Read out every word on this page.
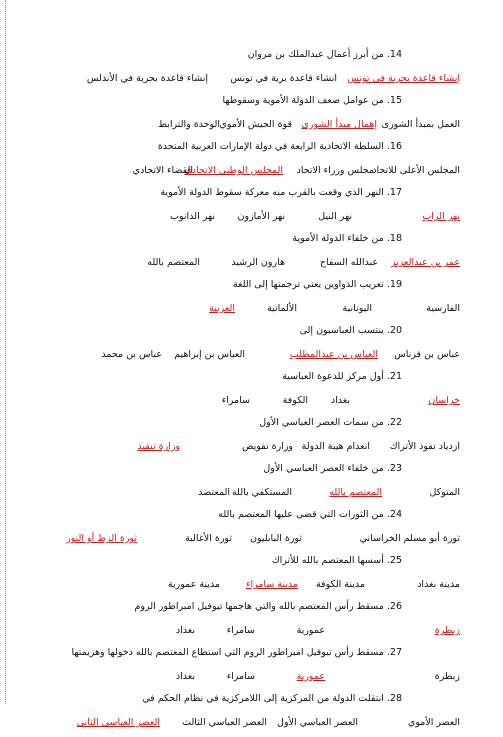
14.من أبرز أعمال عبدالملك بن مروان
إنشاء قاعدة بحرية في تونس
انشاء قاعدة برية في تونس
إنشاء قاعدة بحرية في الأندلس
15.من عوامل ضعف الدولة الأموية وسقوطها
العمل بمبدأ الشورى
إهمال مبدأ الشورى
قوة الجيش الأموي
الوحدة والترابط
16.السلطة الاتحادية الرابعة في دولة الإمارات العربية المتحدة
المجلس الأعلى للاتحاد
مجلس وزراء الاتحاد
المجلس الوطني الاتحادي
القضاء الاتحادي
17.النهر الذي وقعت بالقرب منه معركة سقوط الدولة الأموية
نهر الزاب
نهر النيل
نهر الأمازون
نهر الدانوب
18.من خلفاء الدولة الأموية
عمر بن عبدالعزيز
عبدالله السفاح
هارون الرشيد
المعتصم بالله
19.تعريب الدواوين يعني ترجمتها إلى اللغة
الفارسية
اليونانية
الألمانية
العربية
20.ينتسب العباسيون إلى
عباس بن فرناس
العباس بن عبدالمطلب
العباس بن إبراهيم
عباس بن محمد
21.أول مركز للدعوة العباسية
خراسان
بغداد
الكوفة
سامراء
22.من سمات العصر العباسي الأول
ازدياد نفوذ الأتراك
انعدام هيبة الدولة
وزارة تفويض
وزارة تنفيذ
23.من خلفاء العصر العباسي الأول
المتوكل
المعتصم بالله
المستكفي بالله
المعتضد
24.من الثورات التي قضى عليها المعتصم بالله
ثورة أبو مسلم الخراساني
ثورة البابليون
ثورة الأغالبة
ثورة الزط أو النور
25.أسسها المعتصم بالله للأتراك
مدينة بغداد
مدينة الكوفة
مدينة سامراء
مدينة عمورية
26.مسقط رأس المعتصم بالله والتي هاجمها تيوفيل امبراطور الروم
زبطرة
عمورية
سامراء
بغداد
27.مسقط رأس تيوفيل امبراطور الروم التي استطاع المعتصم بالله دخولها وهزيمتها
زبطرة
عمورية
سامراء
بغداد
28.انتقلت الدولة من المركزية إلى اللامركزية في نظام الحكم في
العصر الأموي
العصر العباسي الأول
العصر العباسي الثالث
العصر العباسي الثاني
